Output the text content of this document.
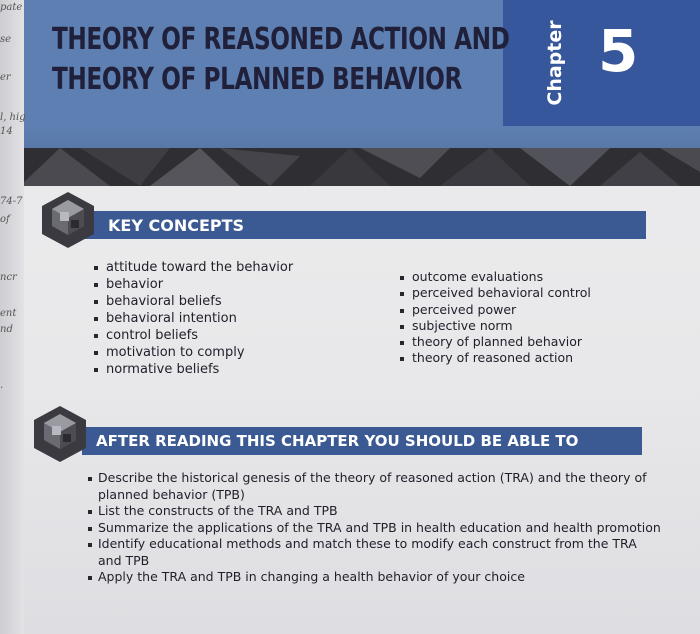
Chapter 5
THEORY OF REASONED ACTION AND
THEORY OF PLANNED BEHAVIOR
pate
se
er
l, hig
14
74-7
of
ncr
ent
nd
.
KEY CONCEPTS
attitude toward the behavior
behavior
behavioral beliefs
behavioral intention
control beliefs
motivation to comply
normative beliefs
outcome evaluations
perceived behavioral control
perceived power
subjective norm
theory of planned behavior
theory of reasoned action
AFTER READING THIS CHAPTER YOU SHOULD BE ABLE TO
Describe the historical genesis of the theory of reasoned action (TRA) and the theory of planned behavior (TPB)
List the constructs of the TRA and TPB
Summarize the applications of the TRA and TPB in health education and health promotion
Identify educational methods and match these to modify each construct from the TRA and TPB
Apply the TRA and TPB in changing a health behavior of your choice
